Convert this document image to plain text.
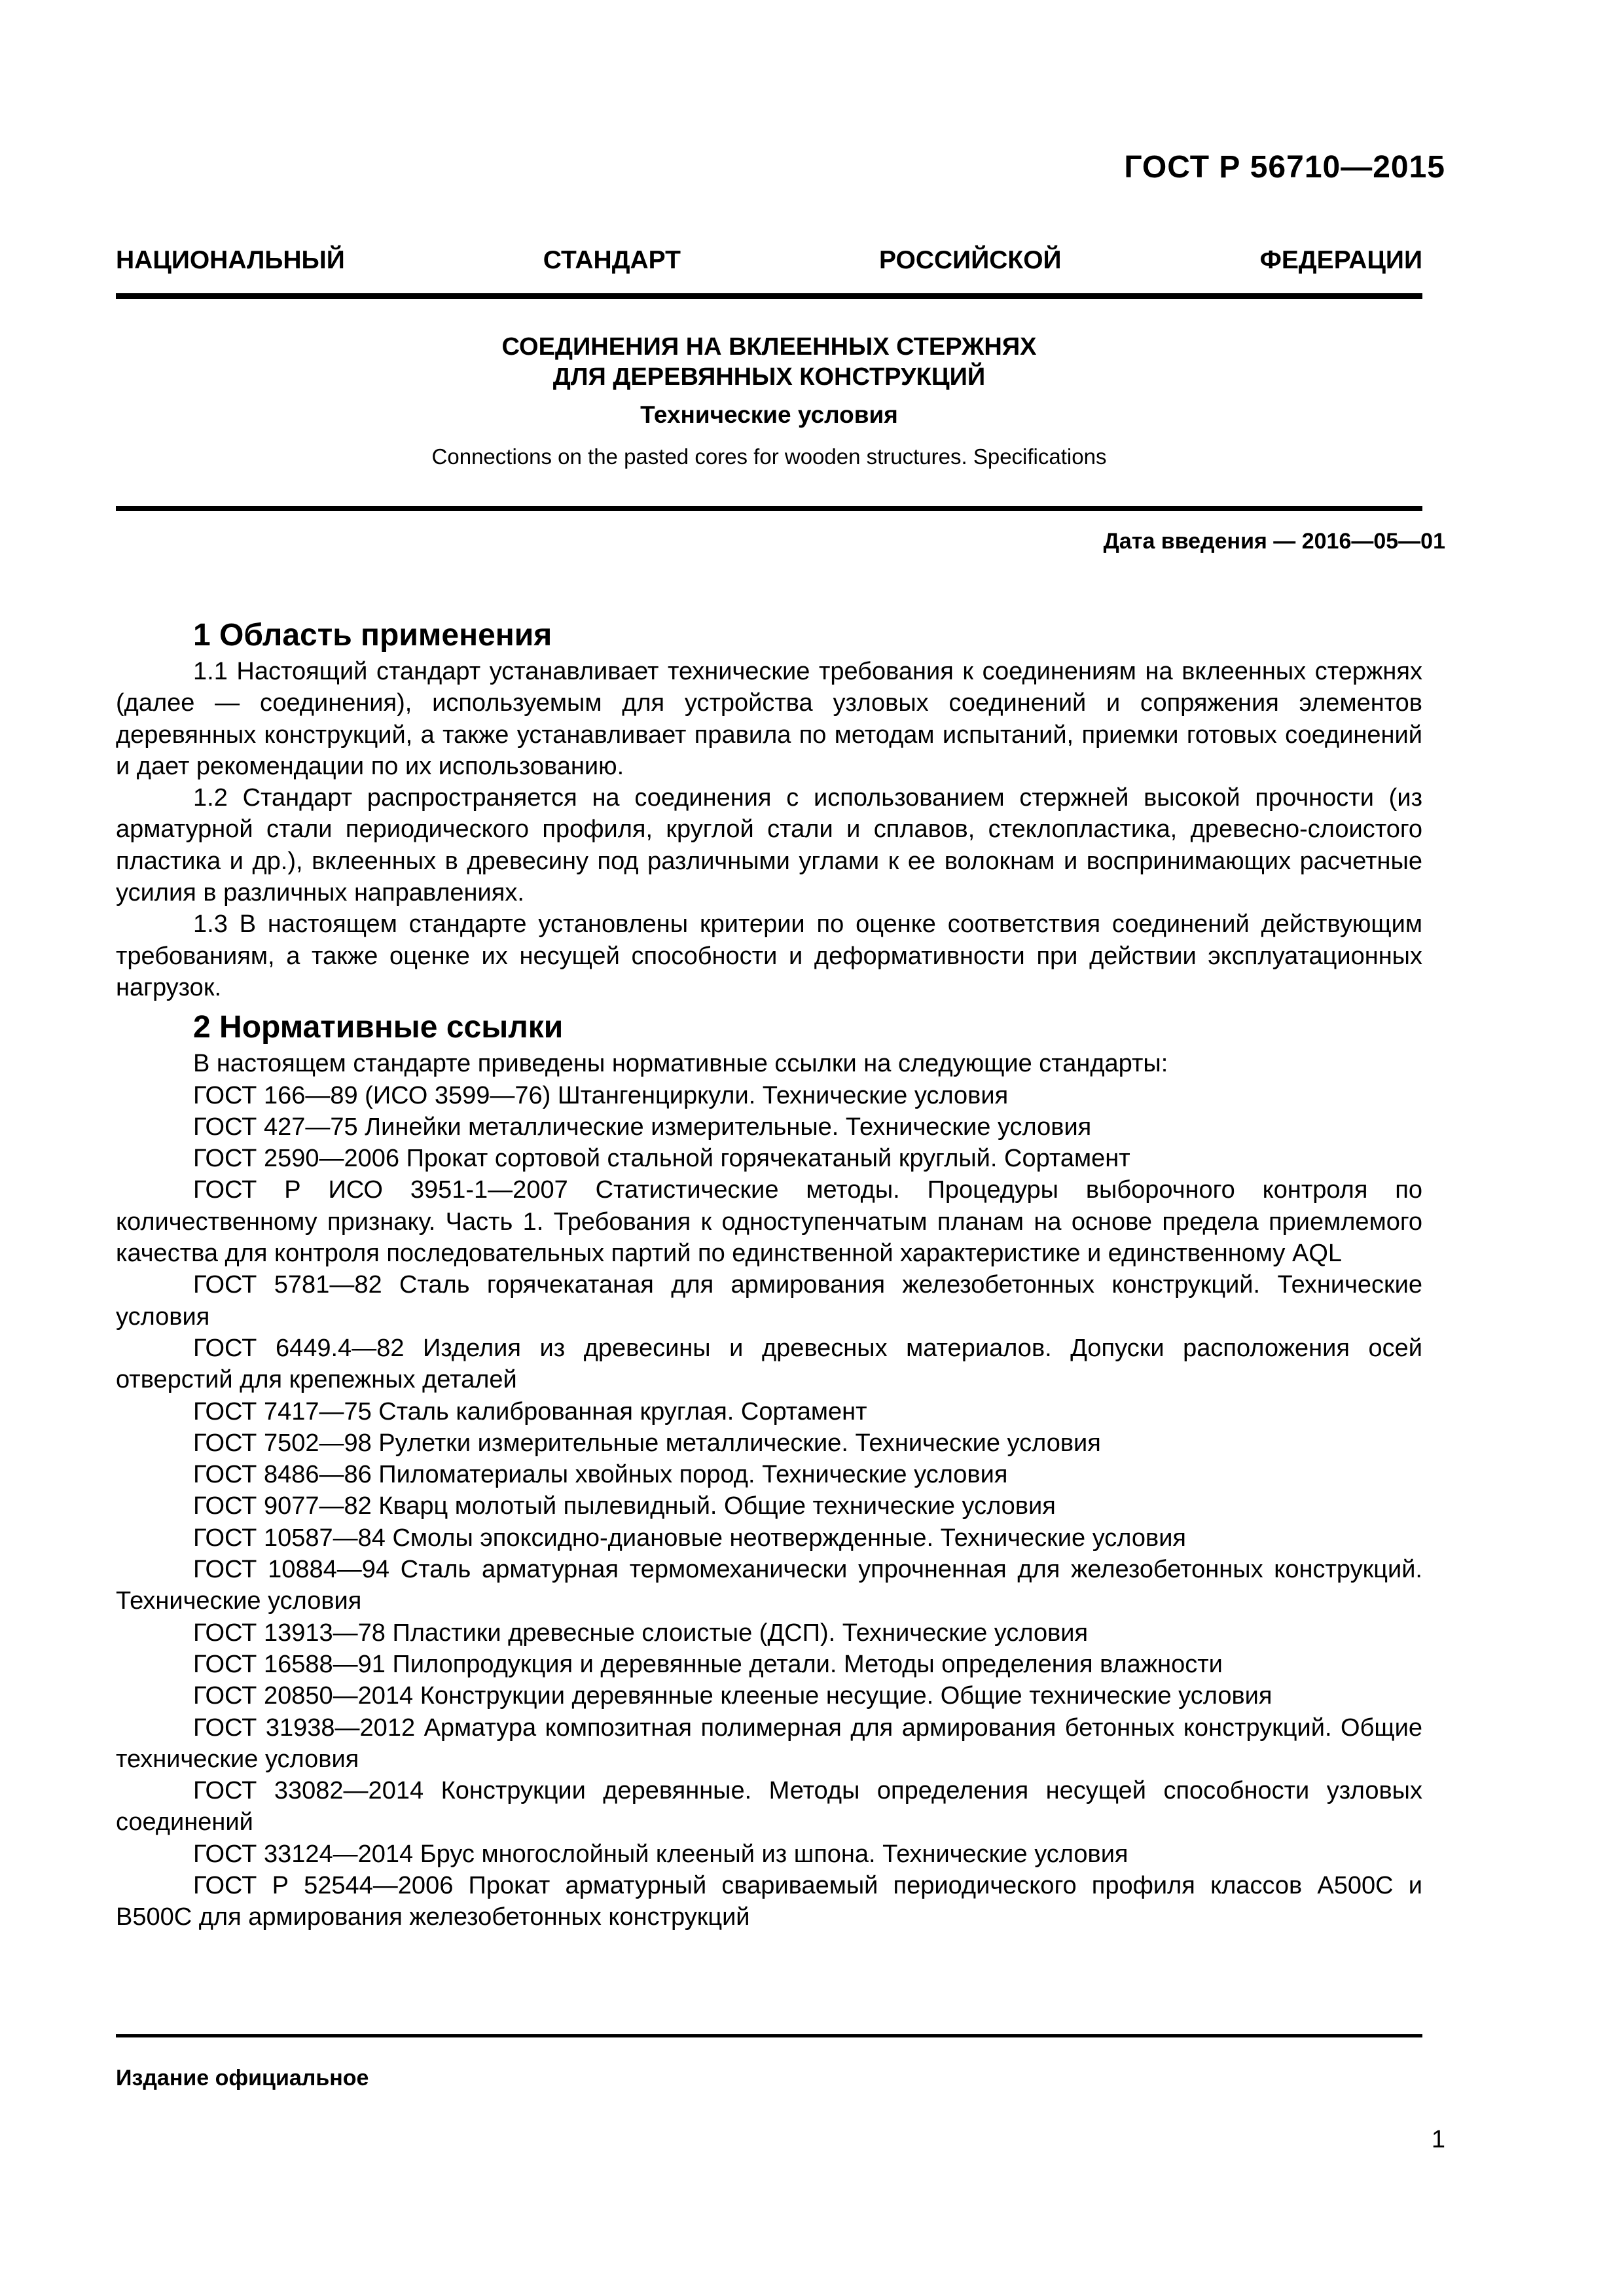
ГОСТ Р 56710—2015
НАЦИОНАЛЬНЫЙ СТАНДАРТ РОССИЙСКОЙ ФЕДЕРАЦИИ
СОЕДИНЕНИЯ НА ВКЛЕЕННЫХ СТЕРЖНЯХ
ДЛЯ ДЕРЕВЯННЫХ КОНСТРУКЦИЙ
Технические условия
Connections on the pasted cores for wooden structures. Specifications
Дата введения — 2016—05—01
1 Область применения

1.1 Настоящий стандарт устанавливает технические требования к соединениям на вклеенных стержнях (далее — соединения), используемым для устройства узловых соединений и сопряжения элементов деревянных конструкций, а также устанавливает правила по методам испытаний, приемки готовых соединений и дает рекомендации по их использованию.

1.2 Стандарт распространяется на соединения с использованием стержней высокой прочности (из арматурной стали периодического профиля, круглой стали и сплавов, стеклопластика, древесно-слоистого пластика и др.), вклеенных в древесину под различными углами к ее волокнам и воспринимающих расчетные усилия в различных направлениях.

1.3 В настоящем стандарте установлены критерии по оценке соответствия соединений действующим требованиям, а также оценке их несущей способности и деформативности при действии эксплуатационных нагрузок.

2 Нормативные ссылки

В настоящем стандарте приведены нормативные ссылки на следующие стандарты:

ГОСТ 166—89 (ИСО 3599—76) Штангенциркули. Технические условия

ГОСТ 427—75 Линейки металлические измерительные. Технические условия

ГОСТ 2590—2006 Прокат сортовой стальной горячекатаный круглый. Сортамент

ГОСТ Р ИСО 3951-1—2007 Статистические методы. Процедуры выборочного контроля по количественному признаку. Часть 1. Требования к одноступенчатым планам на основе предела приемлемого качества для контроля последовательных партий по единственной характеристике и единственному AQL

ГОСТ 5781—82 Сталь горячекатаная для армирования железобетонных конструкций. Технические условия

ГОСТ 6449.4—82 Изделия из древесины и древесных материалов. Допуски расположения осей отверстий для крепежных деталей

ГОСТ 7417—75 Сталь калиброванная круглая. Сортамент

ГОСТ 7502—98 Рулетки измерительные металлические. Технические условия

ГОСТ 8486—86 Пиломатериалы хвойных пород. Технические условия

ГОСТ 9077—82 Кварц молотый пылевидный. Общие технические условия

ГОСТ 10587—84 Смолы эпоксидно-диановые неотвержденные. Технические условия

ГОСТ 10884—94 Сталь арматурная термомеханически упрочненная для железобетонных конструкций. Технические условия

ГОСТ 13913—78 Пластики древесные слоистые (ДСП). Технические условия

ГОСТ 16588—91 Пилопродукция и деревянные детали. Методы определения влажности

ГОСТ 20850—2014 Конструкции деревянные клееные несущие. Общие технические условия

ГОСТ 31938—2012 Арматура композитная полимерная для армирования бетонных конструкций. Общие технические условия

ГОСТ 33082—2014 Конструкции деревянные. Методы определения несущей способности узловых соединений

ГОСТ 33124—2014 Брус многослойный клееный из шпона. Технические условия

ГОСТ Р 52544—2006 Прокат арматурный свариваемый периодического профиля классов А500С и В500С для армирования железобетонных конструкций

Издание официальное
1
